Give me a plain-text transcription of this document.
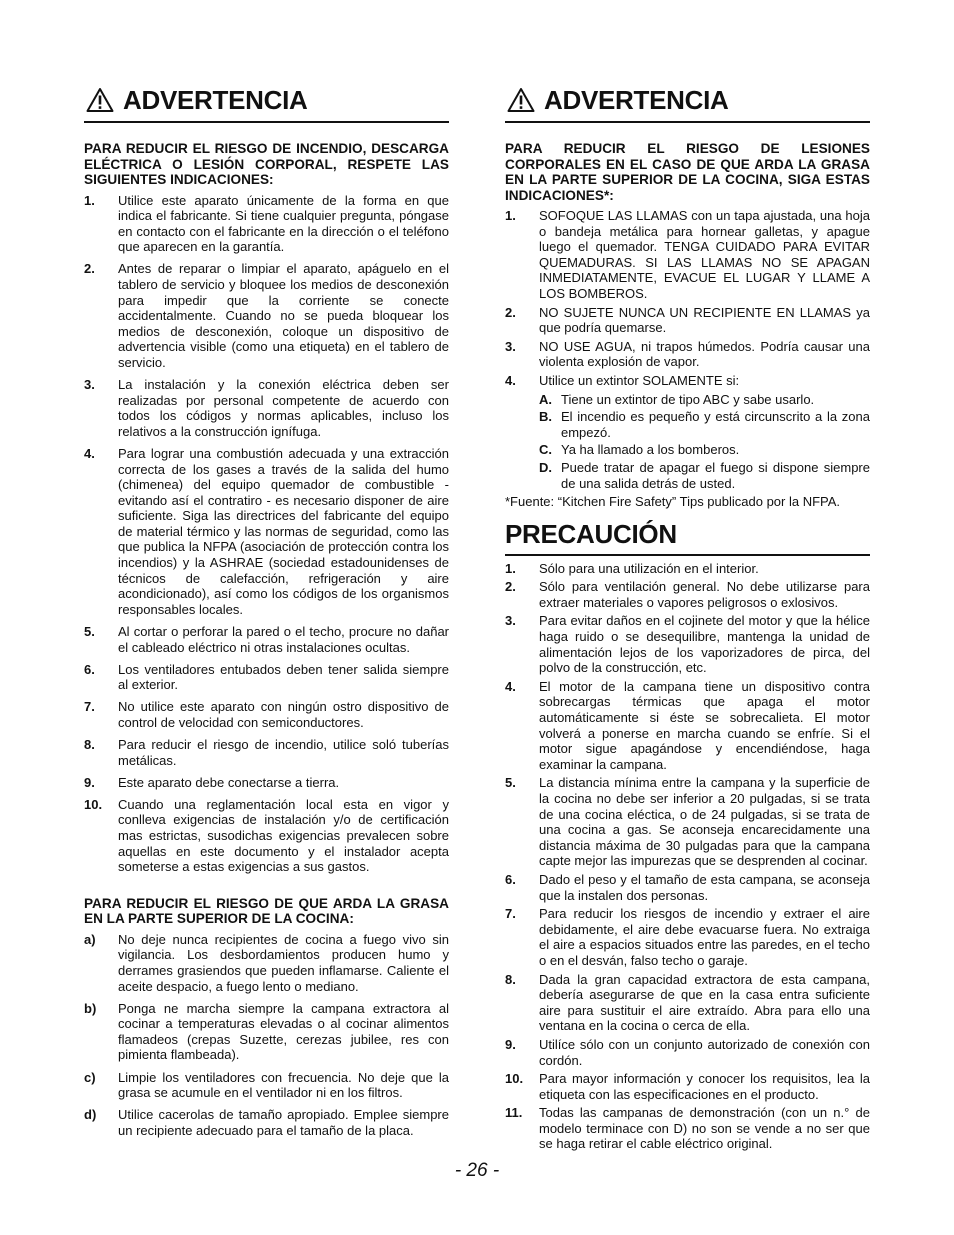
ADVERTENCIA
PARA REDUCIR EL RIESGO DE INCENDIO, DESCARGA ELÉCTRICA O LESIÓN CORPORAL, RESPETE LAS SIGUIENTES INDICACIONES:
1.	Utilice este aparato únicamente de la forma en que indica el fabricante. Si tiene cualquier pregunta, póngase en contacto con el fabricante en la dirección o el teléfono que aparecen en la garantía.
2.	Antes de reparar o limpiar el aparato, apáguelo en el tablero de servicio y bloquee los medios de desconexión para impedir que la corriente se conecte accidentalmente. Cuando no se pueda bloquear los medios de desconexión, coloque un dispositivo de advertencia visible (como una etiqueta) en el tablero de servicio.
3.	La instalación y la conexión eléctrica deben ser realizadas por personal competente de acuerdo con todos los códigos y normas aplicables, incluso los relativos a la construcción ignífuga.
4.	Para lograr una combustión adecuada y una extracción correcta de los gases a través de la salida del humo (chimenea) del equipo quemador de combustible - evitando así el contratiro - es necesario disponer de aire suficiente. Siga las directrices del fabricante del equipo de material térmico y las normas de seguridad, como las que publica la NFPA (asociación de protección contra los incendios) y la ASHRAE (sociedad estadounidenses de técnicos de calefacción, refrigeración y aire acondicionado), así como los códigos de los organismos responsables locales.
5.	Al cortar o perforar la pared o el techo, procure no dañar el cableado eléctrico ni otras instalaciones ocultas.
6.	Los ventiladores entubados deben tener salida siempre al exterior.
7.	No utilice este aparato con ningún ostro dispositivo de control de velocidad con semiconductores.
8.	Para reducir el riesgo de incendio, utilice soló tuberías metálicas.
9.	Este aparato debe conectarse a tierra.
10.	Cuando una reglamentación local esta en vigor y conlleva exigencias de instalación y/o de certificación mas estrictas, susodichas exigencias prevalecen sobre aquellas en este documento y el instalador acepta someterse a estas exigencias a sus gastos.
PARA REDUCIR EL RIESGO DE QUE ARDA LA GRASA EN LA PARTE SUPERIOR DE LA COCINA:
a)	No deje nunca recipientes de cocina a fuego vivo sin vigilancia. Los desbordamientos producen humo y derrames grasiendos que pueden inflamarse. Caliente el aceite despacio, a fuego lento o mediano.
b)	Ponga ne marcha siempre la campana extractora al cocinar a temperaturas elevadas o al cocinar alimentos flamadeos (crepas Suzette, cerezas jubilee, res con pimienta flambeada).
c)	Limpie los ventiladores con frecuencia. No deje que la grasa se acumule en el ventilador ni en los filtros.
d)	Utilice cacerolas de tamaño apropiado. Emplee siempre un recipiente adecuado para el tamaño de la placa.
ADVERTENCIA
PARA REDUCIR EL RIESGO DE LESIONES CORPORALES EN EL CASO DE QUE ARDA LA GRASA EN LA PARTE SUPERIOR DE LA COCINA, SIGA ESTAS INDICACIONES*:
1.	SOFOQUE LAS LLAMAS con un tapa ajustada, una hoja o bandeja metálica para hornear galletas, y apague luego el quemador. TENGA CUIDADO PARA EVITAR QUEMADURAS. SI LAS LLAMAS NO SE APAGAN INMEDIATAMENTE, EVACUE EL LUGAR Y LLAME A LOS BOMBEROS.
2.	NO SUJETE NUNCA UN RECIPIENTE EN LLAMAS ya que podría quemarse.
3.	NO USE AGUA, ni trapos húmedos. Podría causar una violenta explosión de vapor.
4.	Utilice un extintor SOLAMENTE si:
A. Tiene un extintor de tipo ABC y sabe usarlo.
B. El incendio es pequeño y está circunscrito a la zona empezó.
C. Ya ha llamado a los bomberos.
D. Puede tratar de apagar el fuego si dispone siempre de una salida detrás de usted.
*Fuente: “Kitchen Fire Safety” Tips publicado por la NFPA.
PRECAUCIÓN
1.	Sólo para una utilización en el interior.
2.	Sólo para ventilación general. No debe utilizarse para extraer materiales o vapores peligrosos o exlosivos.
3.	Para evitar daños en el cojinete del motor y que la hélice haga ruido o se desequilibre, mantenga la unidad de alimentación lejos de los vaporizadores de pirca, del polvo de la construcción, etc.
4.	El motor de la campana tiene un dispositivo contra sobrecargas térmicas que apaga el motor automáticamente si éste se sobrecalieta. El motor volverá a ponerse en marcha cuando se enfríe. Si el motor sigue apagándose y encendiéndose, haga examinar la campana.
5.	La distancia mínima entre la campana y la superficie de la cocina no debe ser inferior a 20 pulgadas, si se trata de una cocina eléctica, o de 24 pulgadas, si se trata de una cocina a gas. Se aconseja encarecidamente una distancia máxima de 30 pulgadas para que la campana capte mejor las impurezas que se desprenden al cocinar.
6.	Dado el peso y el tamaño de esta campana, se aconseja que la instalen dos personas.
7.	Para reducir los riesgos de incendio y extraer el aire debidamente, el aire debe evacuarse fuera. No extraiga el aire a espacios situados entre las paredes, en el techo o en el desván, falso techo o garaje.
8.	Dada la gran capacidad extractora de esta campana, debería asegurarse de que en la casa entra suficiente aire para sustituir el aire extraído. Abra para ello una ventana en la cocina o cerca de ella.
9.	Utilíce sólo con un conjunto autorizado de conexión con cordón.
10.	Para mayor información y conocer los requisitos, lea la etiqueta con las especificaciones en el producto.
11.	Todas las campanas de demonstración (con un n.° de modelo terminace con D) no son se vende a no ser que se haga retirar el cable eléctrico original.
- 26 -
